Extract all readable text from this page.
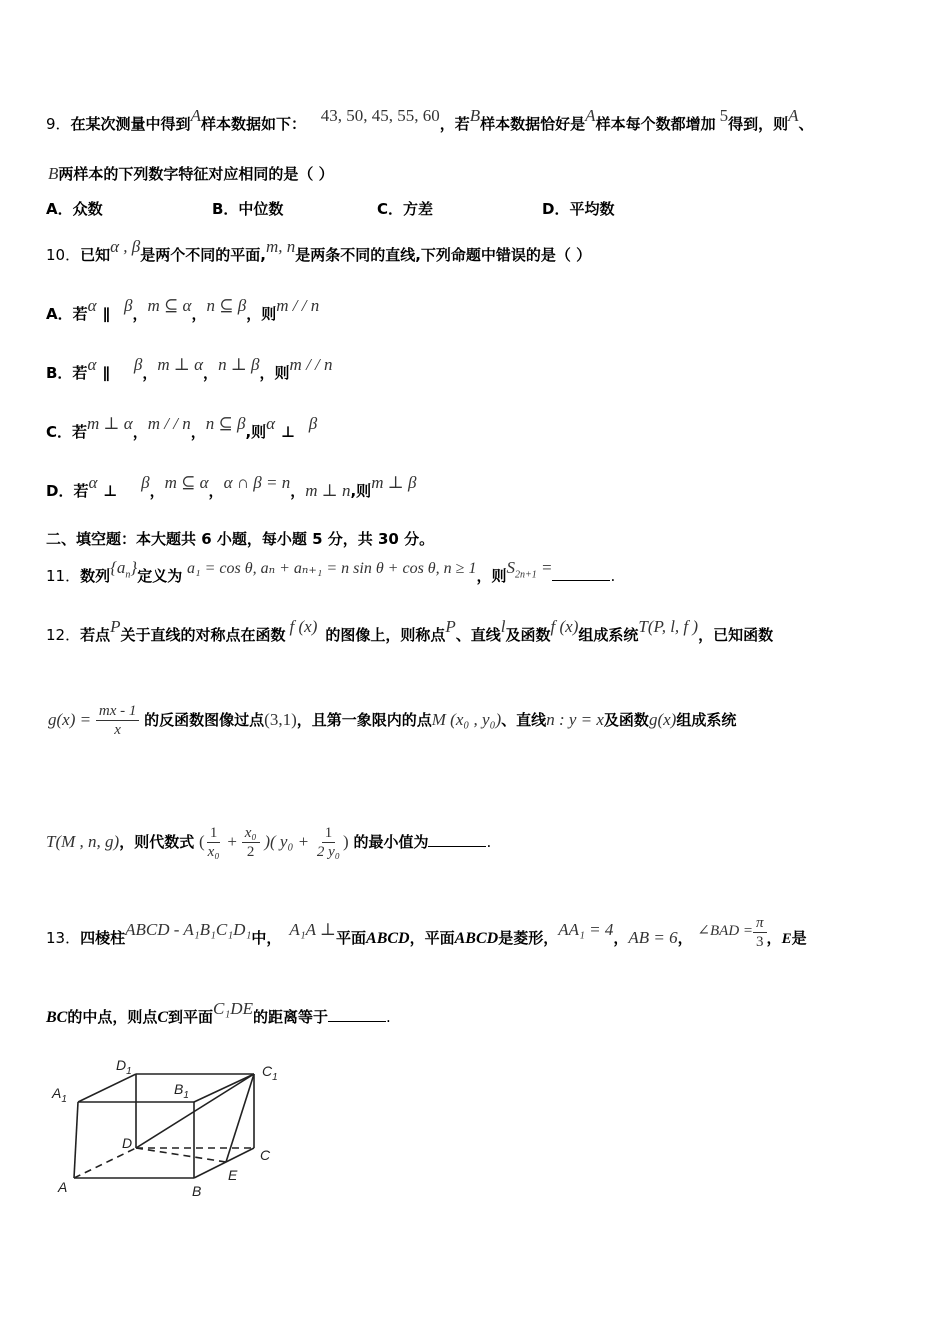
9．在某次测量中得到A样本数据如下： 43, 50, 45, 55, 60，若B样本数据恰好是A样本每个数都增加 5得到，则A、
B两样本的下列数字特征对应相同的是（ ）
A．众数	B．中位数	C．方差	D．平均数
10．已知α , β是两个不同的平面,m, n是两条不同的直线,下列命题中错误的是（ ）
A．若α ∥ β，m ⊆ α，n ⊆ β，则m / / n
B．若α ∥ β，m ⊥ α，n ⊥ β，则m / / n
C．若m ⊥ α，m / / n，n ⊆ β,则α ⊥ β
D．若α ⊥ β，m ⊆ α，α ∩ β = n，m ⊥ n,则m ⊥ β
二、填空题：本大题共 6 小题，每小题 5 分，共 30 分。
11．数列$\{a_n\}$定义为 a₁ = cos θ, aₙ + aₙ₊₁ = n sin θ + cos θ, n ≥ 1，则$S_{2n+1}$ =	.
12．若点P关于直线的对称点在函数 f (x) 的图像上，则称点P、直线l及函数f (x)组成系统T(P, l, f )，已知函数
$g(x) = \frac{mx - 1}{x}$ 的反函数图像过点(3,1)，且第一象限内的点M (x₀ , y₀)、直线n : y = x及函数g(x)组成系统
T(M , n, g)，则代数式 ( $\frac{1}{\text{x₀}} + \frac{\text{x₀}}{2}$ )( $y_0 + \frac{1}{\text{2 y₀}}$ ) 的最小值为	.
13．四棱柱ABCD - A₁B₁C₁D₁中， A₁A ⊥平面ABCD，平面ABCD是菱形，AA₁ = 4，AB = 6， ∠BAD = $\frac{\pi}{3}$ ，E是
BC的中点，则点C到平面C₁DE的距离等于	.
$D_1$	$C_1$
$A_1$
$B_1$
D
C
A	B
E
